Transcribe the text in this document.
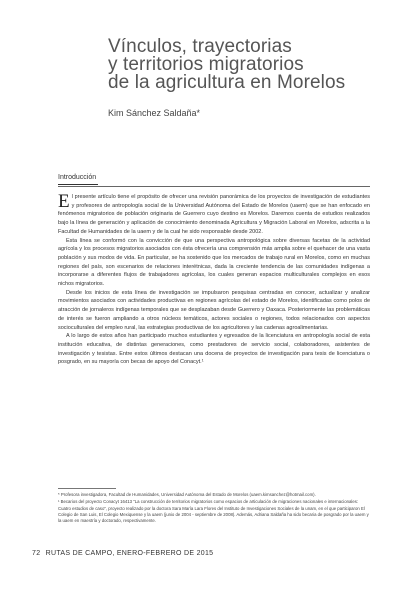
Vínculos, trayectorias
y territorios migratorios
de la agricultura en Morelos
Kim Sánchez Saldaña*
Introducción

El presente artículo tiene el propósito de ofrecer una revisión panorámica de los proyectos de investigación de estudiantes y profesores de antropología social de la Universidad Autónoma del Estado de Morelos (uaem) que se han enfocado en fenómenos migratorios de población originaria de Guerrero cuyo destino es Morelos. Daremos cuenta de estudios realizados bajo la línea de generación y aplicación de conocimiento denominada Agricultura y Migración Laboral en Morelos, adscrita a la Facultad de Humanidades de la uaem y de la cual he sido responsable desde 2002.

Esta línea se conformó con la convicción de que una perspectiva antropológica sobre diversas facetas de la actividad agrícola y los procesos migratorios asociados con ésta ofrecería una comprensión más amplia sobre el quehacer de una vasta población y sus modos de vida. En particular, se ha sostenido que los mercados de trabajo rural en Morelos, como en muchas regiones del país, son escenarios de relaciones interétnicas, dada la creciente tendencia de las comunidades indígenas a incorporarse a diferentes flujos de trabajadores agrícolas, los cuales generan espacios multiculturales complejos en esos nichos migratorios.

Desde los inicios de esta línea de investigación se impulsaron pesquisas centradas en conocer, actualizar y analizar movimientos asociados con actividades productivas en regiones agrícolas del estado de Morelos, identificadas como polos de atracción de jornaleros indígenas temporales que se desplazaban desde Guerrero y Oaxaca. Posteriormente las problemáticas de interés se fueron ampliando a otros núcleos temáticos, actores sociales o regiones, todos relacionados con aspectos socioculturales del empleo rural, las estrategias productivas de los agricultores y las cadenas agroalimentarias.

A lo largo de estos años han participado muchos estudiantes y egresados de la licenciatura en antropología social de esta institución educativa, de distintas generaciones, como prestadores de servicio social, colaboradores, asistentes de investigación y tesistas. Entre estos últimos destacan una docena de proyectos de investigación para tesis de licenciatura o posgrado, en su mayoría con becas de apoyo del Conacyt.¹

* Profesora investigadora, Facultad de Humanidades, Universidad Autónoma del Estado de Morelos (uaem.kimsanchez@hotmail.com).

¹ Becarios del proyecto Conacyt 16413 "La construcción de territorios migratorios como espacios de articulación de migraciones nacionales e internacionales: Cuatro estudios de caso", proyecto realizado por la doctora Sara María Lara Flores del Instituto de Investigaciones Sociales de la unam, en el que participaron El Colegio de San Luis, El Colegio Mexiquense y la uaem (junio de 2004 - septiembre de 2008). Además, Adriana Saldaña ha sido becaria de posgrado por la uaem y la uaem en maestría y doctorado, respectivamente.

72 RUTAS DE CAMPO, ENERO-FEBRERO DE 2015
